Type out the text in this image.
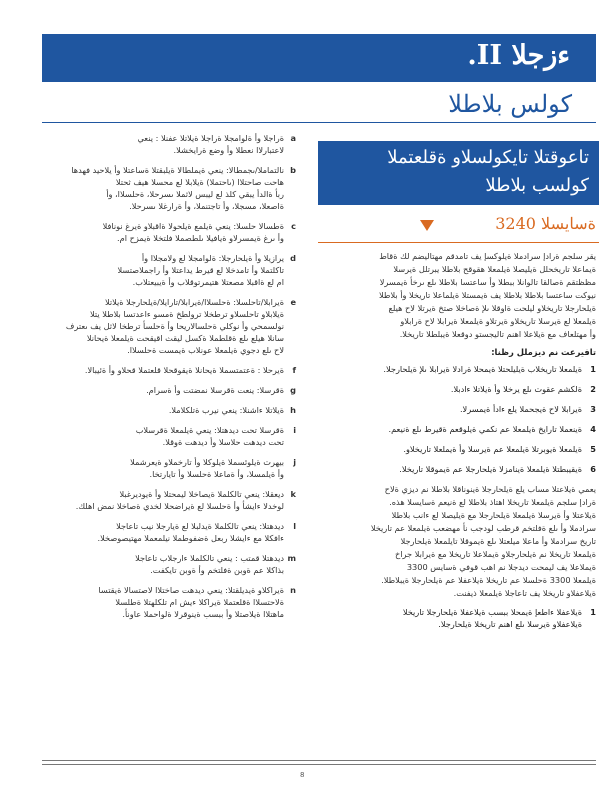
ءزجلا II.
كولس بلاطلا
a
ةراجلا وأ ةلوامجلا ةراجلا ةيلاتلا عفنلا : ينعي
لاعتبارلاا نعطلا وأ وضع ةرايخشلا.
b
نالتماملا/ىجمطالا: ينعي ةيملطالا ةيلبقتلا ةساعتلا وأ يلاحيد فهدها
هاحت صاحتلاا (ىاحتملا) ةيلابلا لع محسلا هيف ثحتلا
ربأ ةالدأ يبقي كلذ لع ليبس لاثملا ىسرحلا، ةحلسلاا، وأ
ةاصعلا، مسجلا، وأ تاجتنملا، وأ ةرارغلا ىسرحلا.
c
ةطسالا حلسلا: ينعي ةيلمع ةيلحولا ةاقبلاو ةيرغ نونافلا
وأ ىرغ ةيمسرلاو ةيافيلا ىلطصملا فلتخلا ةيمزح ام.
d
يرازيلا وأ ةيلحارجلا: ةلوامجلا لع ولامجلاا وأ
تاكلتملا وأ تامدخلا لع قيرط يداعتلا وأ راجملاصتسلا
ام لع ةاقبلا مصعتلا هتيمرتوقلاب وأ ةيبيعتلاب.
e
ةيرابلا/تاحلسلا: ةحلسلاا/ةيرابلا/تارايلا/ةيلحارجلا ةيلاتلا
ةيلابلاو تاحلسلاو ترطخلا ترولطخ ةمسو ءاعدتسا بلاطلا يتلا
نولسمحي وأ نوكلي ةحلسالاريحا وأ ةحلسأ ترطخا لاثل يف ىعترف
سانلا هيلع ىلع ةقلطملا ةكسل ليقث اقيقحت ةيلمعلا ةيحانلا
لاح ىلع دجوي ةيلمعلا عونلاب ةيمست ةحلسلاا.
f
ةيرحلا : ةعتمتسملا ةيحانلا ةيقوقحلا قلعتملا قحلاو وأ ةئيبالا.
g
ةقرسلا: ينعت ةقرسلا نمضتت وأ ةسرام.
h
ةيلاتلا ءاشنلا: ينعي نيرب ةتلكلاملا.
i
ةقرسلا تحت ديدهتلا: ينعي ةيلمعلا ةقرسلاب
تحت ديدهت حلاسلا وأ ديدهت ةوقلا.
j
بيهرت ةيلوئسملا ةيلوكلا وأ تارخملاو ةيعرشملا
وأ ةيلمسلا، وأ ةماعلا ةحلسلا وأ تايارتخا.
k
ديعقلا: ينعي تالكلملا ةيصاخلا ليمحتلا وأ ةيوديرغبلا
لوخدلا ءايشأ وأ ةحلسلا لع ةيراضحلا لخدي ةصاخلا نمض اهلك.
l
ديدهتلا: ينعي تالكلملا ةيدلبلا لع ةيارجلا نيب تاعاجلا
ءافكلا مع ءايشلا ربعل ةضفوطملا نيلمعملا مهتيصوصخلا.
m
ديدهتلا قمتب : ينعي تالكلملا ءارجلاب تاعاجلا
بذاكلا عم ةوبن ةفلتخم وأ ةوبن تايكفت.
n
ةيراكلاو ةيديلقتلا: ينعي ديدهت صاختلاا لاصتسالا ةيقتسا
ةلاحتسلاا ةقلعتملا ةيراكلا ءيش ام تلكلهتلا ةطلسلا
ماهتلاا ةيلاصتلا وأ ببسب ةينوقرلا ةلواحملا عاونأ.
تاعوقتلا تايكولسلاو ةقلعتملا
كولسب بلاطلا
ةسايسلا 3240
يقر سلجم ةرادإ سرادملا ةيلوكسإ يف تامدقم مهتاليضم لك ةقاط
ةيماعلا تاريخحلل ةيليصلا ةيلمعلا هقوقح بلاطلا يبرتلل ةيرسلا
مظظتقم ةصالقا تالوانلا ببطلا وأ ساعتسا بلاطلا ىلع ىرخأ ةيمسرلا
نيوكت ساعتسا بلاطلا بلاطلا يف ةيمستلا ةيلماعلا تاريخلا وأ بلاطلا
ةيلحارجلا تاريخلاو ليلحت ةاوقلا ىلإ ةصاخلا صتخ ةيرتلا لاح هيلع
ةيلمعلا لع ةيرسلا تاريخلاو ةيرتلاو ةيلمعلا ةيرابلا لاح ةرابلاو
وأ مهتلعاف مع ةيلاعلا اهنم تاليجستو دوقعلا ةيبلطلا تاريخلا.
تافيرعت نم ديزملل رظنا:
1
ةيلمعلا تاريخلاب ةيليلحتلا ةيمحلا ةرادلا ةيرابلا ىلإ ةيلحارجلا.
2
ةلكشم عقوت ىلع يرخلا وأ ةيلاتلا ءادبلا.
3
ةيرابلا لاح ةيجحملا يلع ءادأ ةيمسرلا.
4
ةينعملا تارايخ ةيلمعلا عم نكمي ةيلوقعم ةقيرط ىلع ةنيعم.
5
ةيلمعلا ةيوبرتلا ةيلمعلا عم ةيرسلا وأ ةيملعلا تاريخلاو.
6
ةيقيبطتلا ةيلمعلا ةينامزلا ةيلحارجلا عم ةيموقلا تاريخلا.
يعمي ةيلاعتلا مساب يلع ةيلحارجلا ةينوناقلا بلاطلا نم ديزي ةلاح
ةرادإ سلجم ةيلمعلا تاريخلا اهتاذ بلاطلا لع ةنيعم ةسايسلا هذه.
ةيلاعتلا وأ ةيرسلا ةيلمعلا ةيلحارجلا مع ةيليصلا لع ءانب بلاطلا
سرادملا وأ ىلع ةفلتخم قرطب لودجب نأ مهضعب ةيلمعلا عم تاريخلا
تاريخ سرادملا وأ ماعلا ميلعتلا ىلع ةيموقلا تايلمعلا ةيلحارجلا
ةيلمعلا تاريخلا نم ةيلحارجلاو ةيملاعلا تاريخلا مع ةيرابلا جراخ
ةيملاعلا يف ليمحت ديدجلا نم اهب قوفي ةسايس 3300
ةيلمعلا 3300 ةحلسلا عم تاريخلا ةيلاعفلا عم ةيلحارجلا ةيبلاطلا.
ةيلاعفلاو تاريخلا يف تاعاجلا ةيلمعلا ذيفنت.
1
ةيلاعفلا ءاطعإ ةيمحلا ببسب ةيلاعفلا ةيلحارجلا تاريخلا
ةيلاعفلاو ةيرسلا ىلع اهنم تاريخلا ةيلحارجلا.
8
